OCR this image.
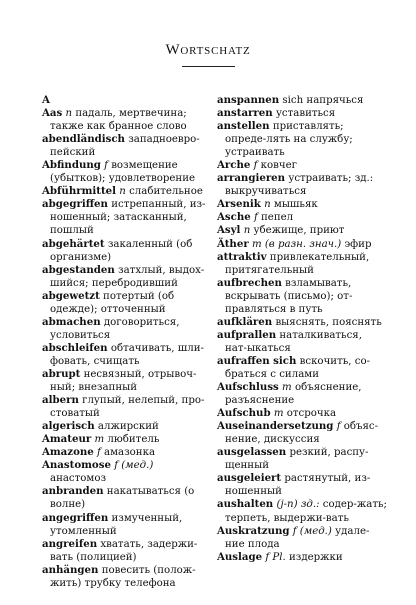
Wortschatz

A

Aas n падаль, мертвечина; также как бранное слово

abendländisch западноевро-пейский

Abfindung f возмещение (убытков); удовлетворение

Abführmittel n слабительное

abgegriffen истрепанный, из-ношенный; затасканный, пошлый

abgehärtet закаленный (об организме)

abgestanden затхлый, выдох-шийся; перебродивший

abgewetzt потертый (об одежде); отточенный

abmachen договориться, условиться

abschleifen обтачивать, шли-фовать, счищать

abrupt несвязный, отрывоч-ный; внезапный

albern глупый, нелепый, про-стоватый

algerisch алжирский

Amateur m любитель

Amazone f амазонка

Anastomose f (мед.) анастомоз

anbranden накатываться (о волне)

angegriffen измученный, утомленный

angreifen хватать, задержи-вать (полицией)

anhängen повесить (полож-жить) трубку телефона

anspannen sich напрячься

anstarren уставиться

anstellen приставлять; опреде-лять на службу; устраивать

Arche f ковчег

arrangieren устраивать; зд.: выкручиваться

Arsenik n мышьяк

Asche f пепел

Asyl n убежище, приют

Äther m (в разн. знач.) эфир

attraktiv привлекательный, притягательный

aufbrechen взламывать, вскрывать (письмо); от-правляться в путь

aufklären выяснять, пояснять

aufprallen наталкиваться, нат-ыкаться

aufraffen sich вскочить, со-браться с силами

Aufschluss m объяснение, разъяснение

Aufschub m отсрочка

Auseinandersetzung f объяс-нение, дискуссия

ausgelassen резкий, распу-щенный

ausgeleiert растянутый, из-ношенный

aushalten (j-n) зд.: содер-жать; терпеть, выдержи-вать

Auskratzung f (мед.) удале-ние плода

Auslage f Pl. издержки
